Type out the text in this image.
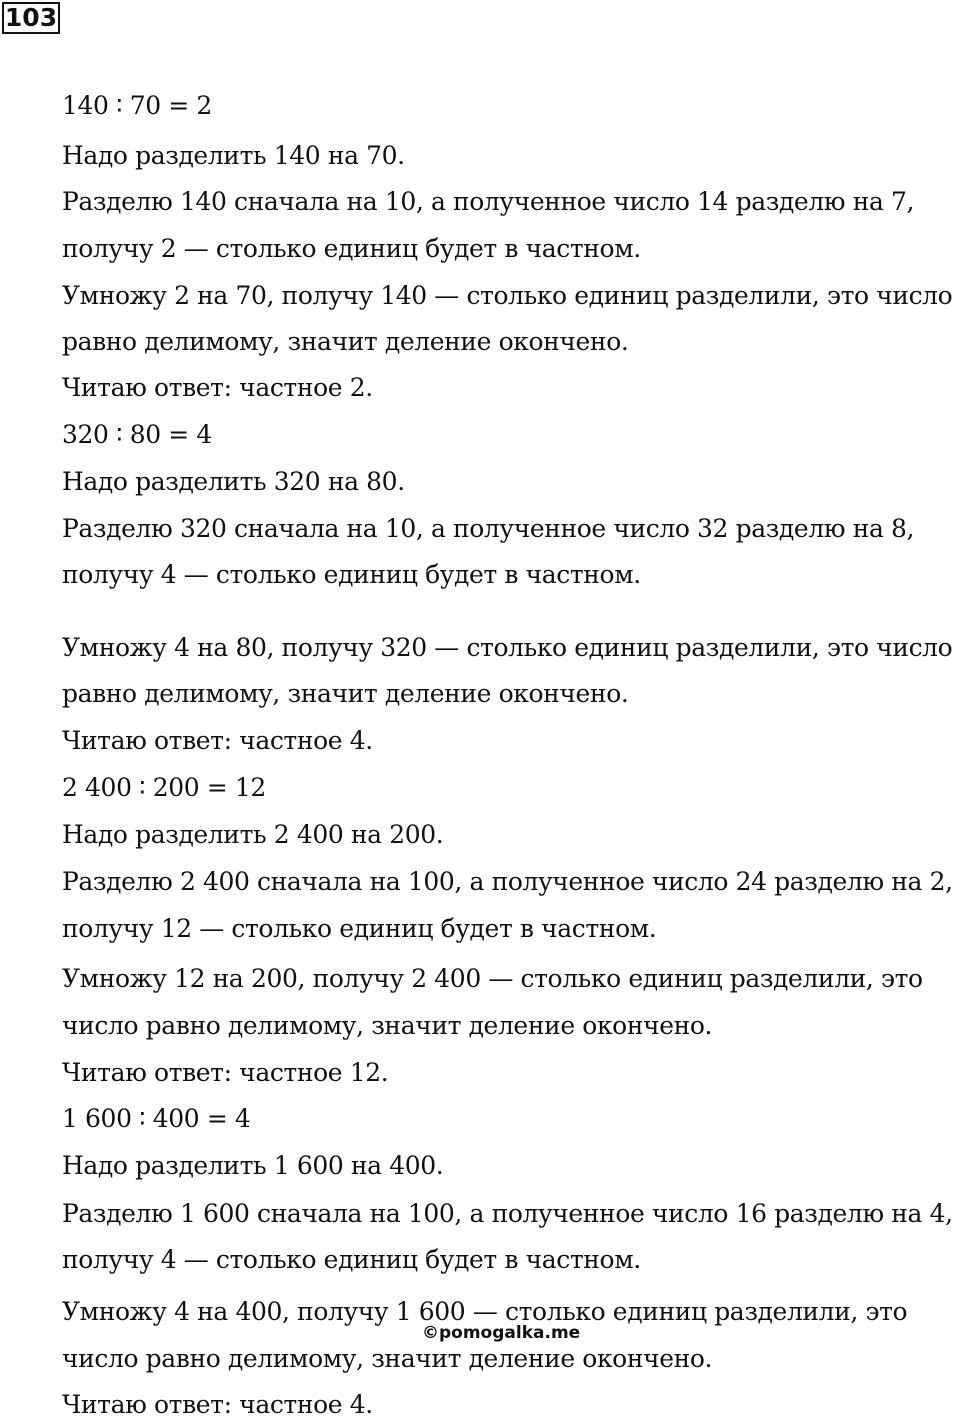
103
140 ∶ 70 = 2
Надо разделить 140 на 70.
Разделю 140 сначала на 10, а полученное число 14 разделю на 7,
получу 2 — столько единиц будет в частном.
Умножу 2 на 70, получу 140 — столько единиц разделили, это число
равно делимому, значит деление окончено.
Читаю ответ: частное 2.
320 ∶ 80 = 4
Надо разделить 320 на 80.
Разделю 320 сначала на 10, а полученное число 32 разделю на 8,
получу 4 — столько единиц будет в частном.
Умножу 4 на 80, получу 320 — столько единиц разделили, это число
равно делимому, значит деление окончено.
Читаю ответ: частное 4.
2 400 ∶ 200 = 12
Надо разделить 2 400 на 200.
Разделю 2 400 сначала на 100, а полученное число 24 разделю на 2,
получу 12 — столько единиц будет в частном.
Умножу 12 на 200, получу 2 400 — столько единиц разделили, это
число равно делимому, значит деление окончено.
Читаю ответ: частное 12.
1 600 ∶ 400 = 4
Надо разделить 1 600 на 400.
Разделю 1 600 сначала на 100, а полученное число 16 разделю на 4,
получу 4 — столько единиц будет в частном.
Умножу 4 на 400, получу 1 600 — столько единиц разделили, это
число равно делимому, значит деление окончено.
Читаю ответ: частное 4.
©pomogalka.me
